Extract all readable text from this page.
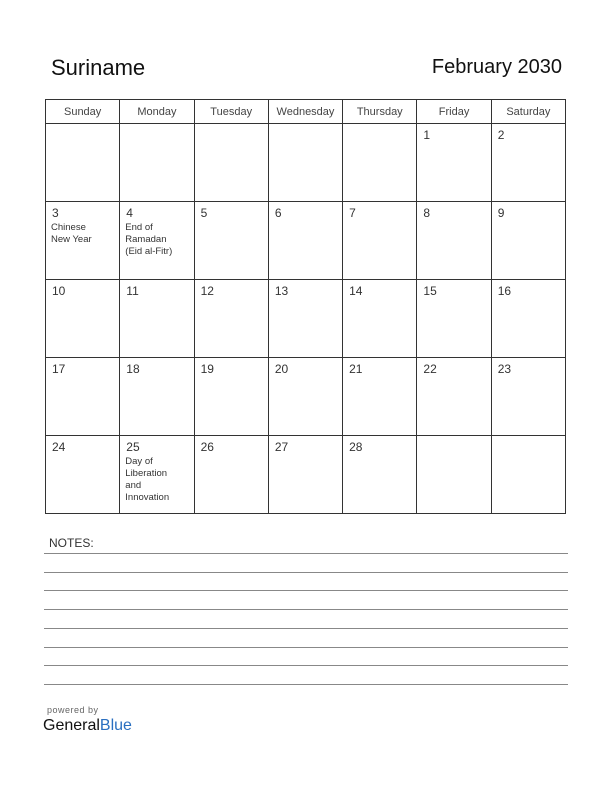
Suriname	February 2030
Sunday	Monday	Tuesday	Wednesday	Thursday	Friday	Saturday

					1	2

3
Chinese
New Year	4
End of
Ramadan
(Eid al-Fitr)	5	6	7	8	9

10	11	12	13	14	15	16

17	18	19	20	21	22	23

24	25
Day of
Liberation
and
Innovation	26	27	28		

NOTES:
powered by
GeneralBlue
